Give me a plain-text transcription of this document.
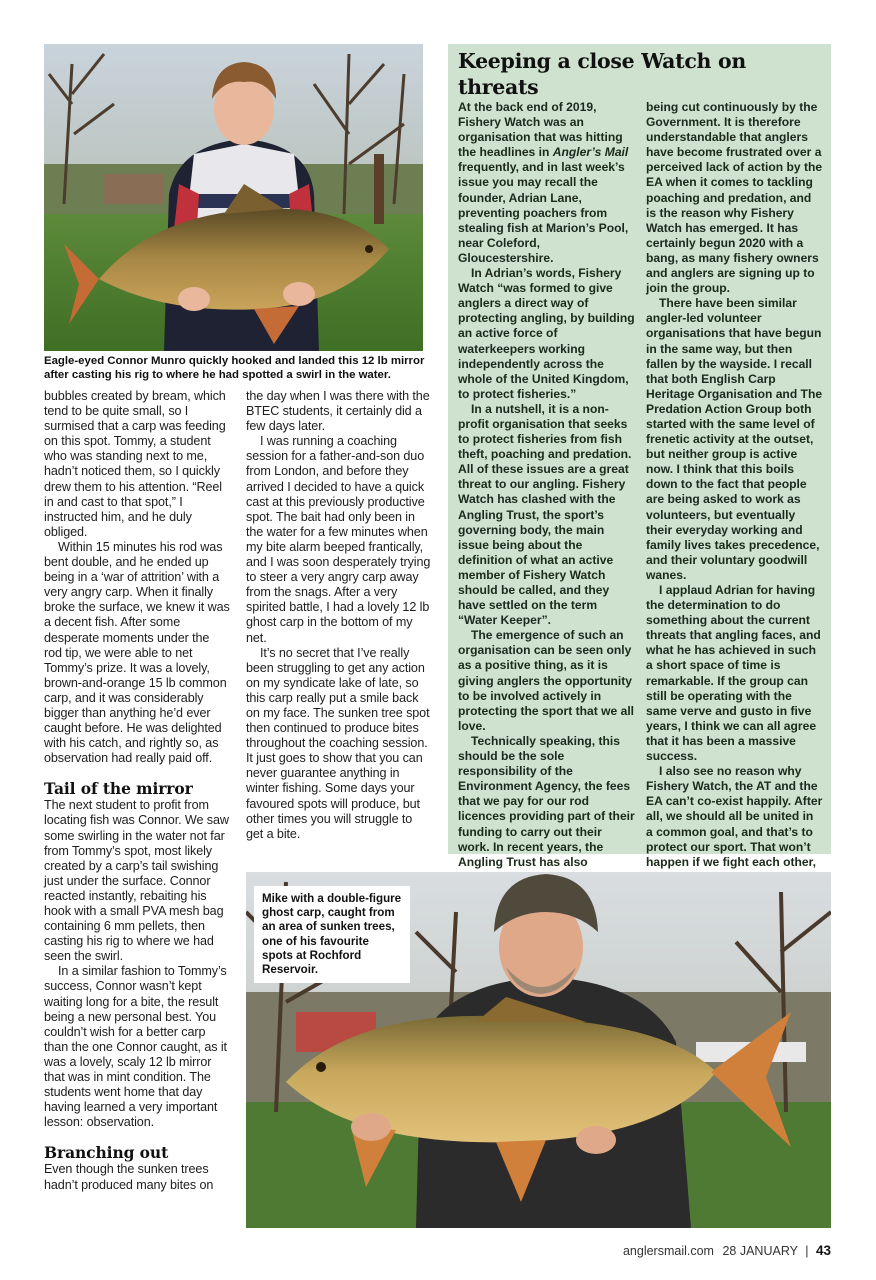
Eagle-eyed Connor Munro quickly hooked and landed this 12 lb mirror after casting his rig to where he had spotted a swirl in the water.

bubbles created by bream, which tend to be quite small, so I surmised that a carp was feeding on this spot. Tommy, a student who was standing next to me, hadn’t noticed them, so I quickly drew them to his attention. “Reel in and cast to that spot,” I instructed him, and he duly obliged.

Within 15 minutes his rod was bent double, and he ended up being in a ‘war of attrition’ with a very angry carp. When it finally broke the surface, we knew it was a decent fish. After some desperate moments under the rod tip, we were able to net Tommy’s prize. It was a lovely, brown-and-orange 15 lb common carp, and it was considerably bigger than anything he’d ever caught before. He was delighted with his catch, and rightly so, as observation had really paid off.

Tail of the mirror

The next student to profit from locating fish was Connor. We saw some swirling in the water not far from Tommy’s spot, most likely created by a carp’s tail swishing just under the surface. Connor reacted instantly, rebaiting his hook with a small PVA mesh bag containing 6 mm pellets, then casting his rig to where we had seen the swirl.

In a similar fashion to Tommy’s success, Connor wasn’t kept waiting long for a bite, the result being a new personal best. You couldn’t wish for a better carp than the one Connor caught, as it was a lovely, scaly 12 lb mirror that was in mint condition. The students went home that day having learned a very important lesson: observation.

Branching out

Even though the sunken trees hadn’t produced many bites on

the day when I was there with the BTEC students, it certainly did a few days later.

I was running a coaching session for a father-and-son duo from London, and before they arrived I decided to have a quick cast at this previously productive spot. The bait had only been in the water for a few minutes when my bite alarm beeped frantically, and I was soon desperately trying to steer a very angry carp away from the snags. After a very spirited battle, I had a lovely 12 lb ghost carp in the bottom of my net.

It’s no secret that I’ve really been struggling to get any action on my syndicate lake of late, so this carp really put a smile back on my face. The sunken tree spot then continued to produce bites throughout the coaching session. It just goes to show that you can never guarantee anything in winter fishing. Some days your favoured spots will produce, but other times you will struggle to get a bite.

Keeping a close Watch on threats

At the back end of 2019, Fishery Watch was an organisation that was hitting the headlines in Angler’s Mail frequently, and in last week’s issue you may recall the founder, Adrian Lane, preventing poachers from stealing fish at Marion’s Pool, near Coleford, Gloucestershire.

In Adrian’s words, Fishery Watch “was formed to give anglers a direct way of protecting angling, by building an active force of waterkeepers working independently across the whole of the United Kingdom, to protect fisheries.”

In a nutshell, it is a non-profit organisation that seeks to protect fisheries from fish theft, poaching and predation. All of these issues are a great threat to our angling. Fishery Watch has clashed with the Angling Trust, the sport’s governing body, the main issue being about the definition of what an active member of Fishery Watch should be called, and they have settled on the term “Water Keeper”.

The emergence of such an organisation can be seen only as a positive thing, as it is giving anglers the opportunity to be involved actively in protecting the sport that we all love.

Technically speaking, this should be the sole responsibility of the Environment Agency, the fees that we pay for our rod licences providing part of their funding to carry out their work. In recent years, the Angling Trust has also

being cut continuously by the Government. It is therefore understandable that anglers have become frustrated over a perceived lack of action by the EA when it comes to tackling poaching and predation, and is the reason why Fishery Watch has emerged. It has certainly begun 2020 with a bang, as many fishery owners and anglers are signing up to join the group.

There have been similar angler-led volunteer organisations that have begun in the same way, but then fallen by the wayside. I recall that both English Carp Heritage Organisation and The Predation Action Group both started with the same level of frenetic activity at the outset, but neither group is active now. I think that this boils down to the fact that people are being asked to work as volunteers, but eventually their everyday working and family lives takes precedence, and their voluntary goodwill wanes.

I applaud Adrian for having the determination to do something about the current threats that angling faces, and what he has achieved in such a short space of time is remarkable. If the group can still be operating with the same verve and gusto in five years, I think we can all agree that it has been a massive success.

I also see no reason why Fishery Watch, the AT and the EA can’t co-exist happily. After all, we should all be united in a common goal, and that’s to protect our sport. That won’t happen if we fight each other,

Mike with a double-figure ghost carp, caught from an area of sunken trees, one of his favourite spots at Rochford Reservoir.
anglersmail.com 28 JANUARY | 43
